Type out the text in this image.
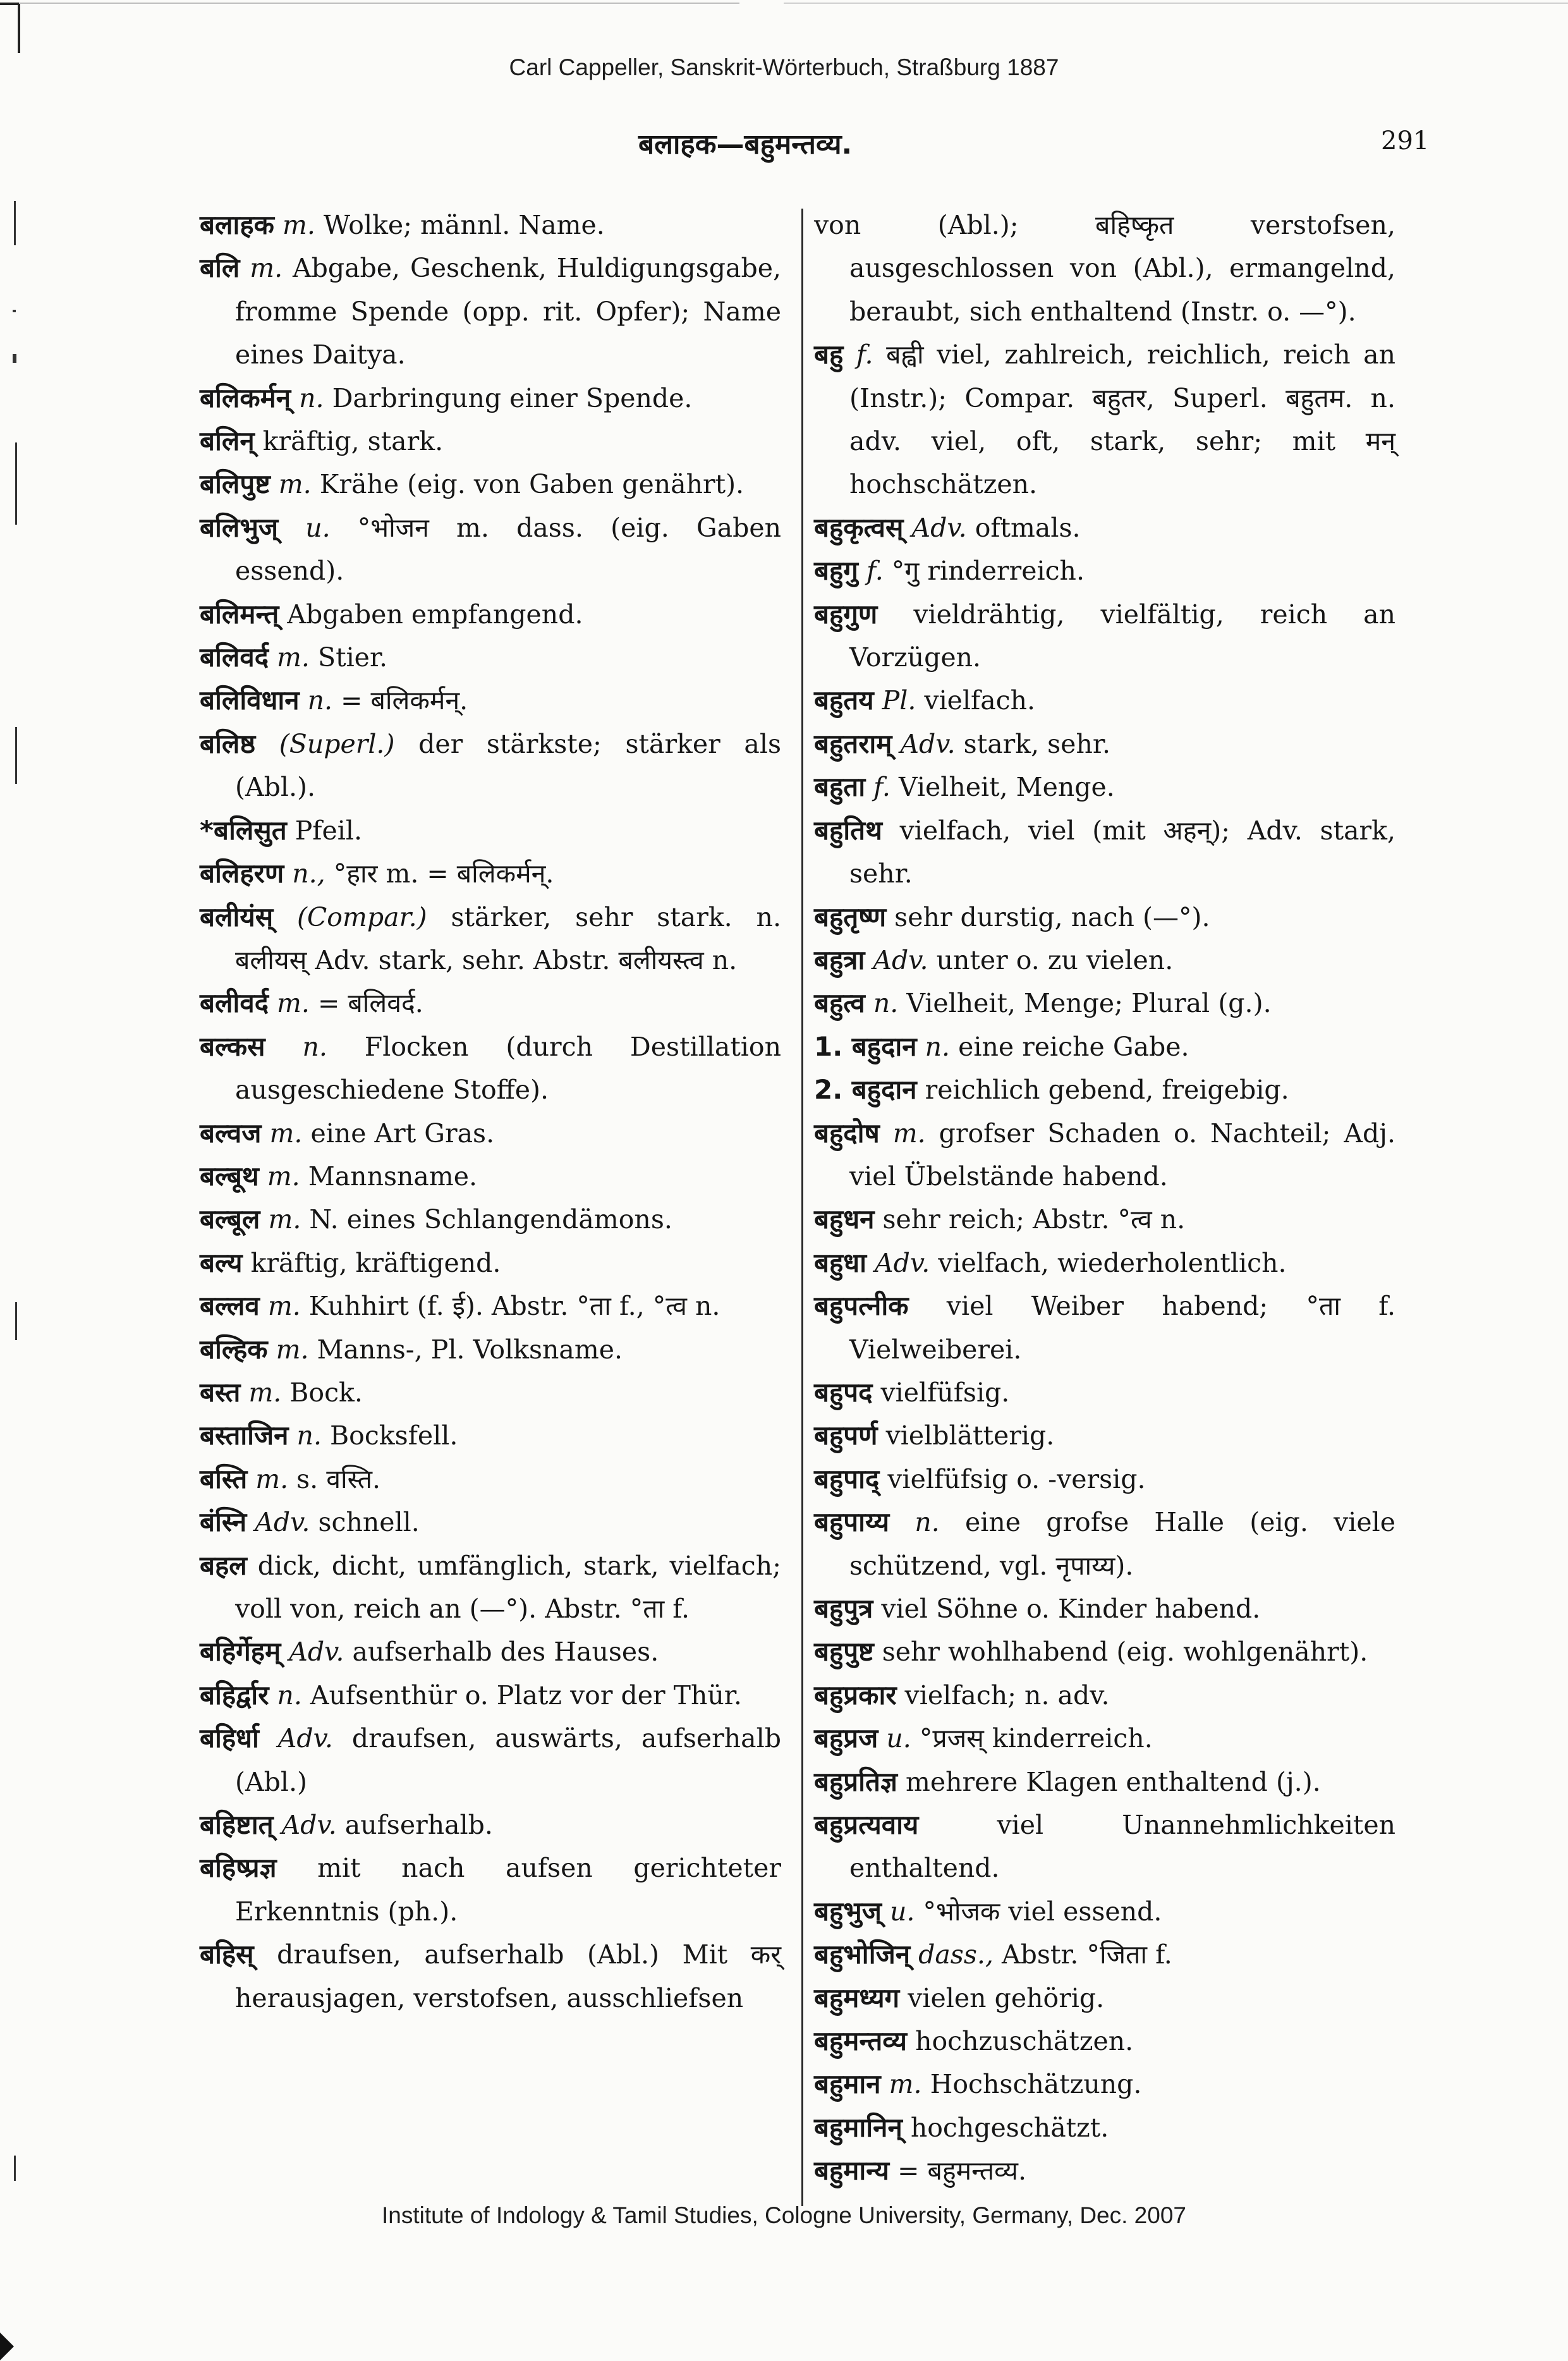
Carl Cappeller, Sanskrit-Wörterbuch, Straßburg 1887
बलाहक—बहुमन्तव्य.	291

बलाहक m. Wolke; männl. Name.

बलि m. Abgabe, Geschenk, Huldigungsgabe, fromme Spende (opp. rit. Opfer); Name eines Daitya.

बलिकर्मन् n. Darbringung einer Spende.

बलिन् kräftig, stark.

बलिपुष्ट m. Krähe (eig. von Gaben genährt).

बलिभुज् u. °भोजन m. dass. (eig. Gaben essend).

बलिमन्त् Abgaben empfangend.

बलिवर्द m. Stier.

बलिविधान n. = बलिकर्मन्.

बलिष्ठ (Superl.) der stärkste; stärker als (Abl.).

*बलिसुत Pfeil.

बलिहरण n., °हार m. = बलिकर्मन्.

बलीयंस् (Compar.) stärker, sehr stark. n. बलीयस् Adv. stark, sehr. Abstr. बलीयस्त्व n.

बलीवर्द m. = बलिवर्द.

बल्कस n. Flocken (durch Destillation ausgeschiedene Stoffe).

बल्वज m. eine Art Gras.

बल्बूथ m. Mannsname.

बल्बूल m. N. eines Schlangendämons.

बल्य kräftig, kräftigend.

बल्लव m. Kuhhirt (f. ई). Abstr. °ता f., °त्व n.

बल्हिक m. Manns-, Pl. Volksname.

बस्त m. Bock.

बस्ताजिन n. Bocksfell.

बस्ति m. s. वस्ति.

बंस्नि Adv. schnell.

बहल dick, dicht, umfänglich, stark, vielfach; voll von, reich an (—°). Abstr. °ता f.

बहिर्गेहम् Adv. aufserhalb des Hauses.

बहिर्द्वार n. Aufsenthür o. Platz vor der Thür.

बहिर्धा Adv. draufsen, auswärts, aufserhalb (Abl.)

बहिष्टात् Adv. aufserhalb.

बहिष्प्रज्ञ mit nach aufsen gerichteter Erkenntnis (ph.).

बहिस् draufsen, aufserhalb (Abl.) Mit कर् herausjagen, verstofsen, ausschliefsen

von (Abl.); बहिष्कृत verstofsen, ausgeschlossen von (Abl.), ermangelnd, beraubt, sich enthaltend (Instr. o. —°).

बहु f. बह्वी viel, zahlreich, reichlich, reich an (Instr.); Compar. बहुतर, Superl. बहुतम. n. adv. viel, oft, stark, sehr; mit मन् hochschätzen.

बहुकृत्वस् Adv. oftmals.

बहुगु f. °गु rinderreich.

बहुगुण vieldrähtig, vielfältig, reich an Vorzügen.

बहुतय Pl. vielfach.

बहुतराम् Adv. stark, sehr.

बहुता f. Vielheit, Menge.

बहुतिथ vielfach, viel (mit अहन्); Adv. stark, sehr.

बहुतृष्ण sehr durstig, nach (—°).

बहुत्रा Adv. unter o. zu vielen.

बहुत्व n. Vielheit, Menge; Plural (g.).

1. बहुदान n. eine reiche Gabe.

2. बहुदान reichlich gebend, freigebig.

बहुदोष m. grofser Schaden o. Nachteil; Adj. viel Übelstände habend.

बहुधन sehr reich; Abstr. °त्व n.

बहुधा Adv. vielfach, wiederholentlich.

बहुपत्नीक viel Weiber habend; °ता f. Vielweiberei.

बहुपद vielfüfsig.

बहुपर्ण vielblätterig.

बहुपाद् vielfüfsig o. -versig.

बहुपाय्य n. eine grofse Halle (eig. viele schützend, vgl. नृपाय्य).

बहुपुत्र viel Söhne o. Kinder habend.

बहुपुष्ट sehr wohlhabend (eig. wohlgenährt).

बहुप्रकार vielfach; n. adv.

बहुप्रज u. °प्रजस् kinderreich.

बहुप्रतिज्ञ mehrere Klagen enthaltend (j.).

बहुप्रत्यवाय	viel Unannehmlichkeiten enthaltend.

बहुभुज् u. °भोजक viel essend.

बहुभोजिन् dass., Abstr. °जिता f.

बहुमध्यग vielen gehörig.

बहुमन्तव्य hochzuschätzen.

बहुमान m. Hochschätzung.

बहुमानिन् hochgeschätzt.

बहुमान्य = बहुमन्तव्य.

Institute of Indology & Tamil Studies, Cologne University, Germany, Dec. 2007
